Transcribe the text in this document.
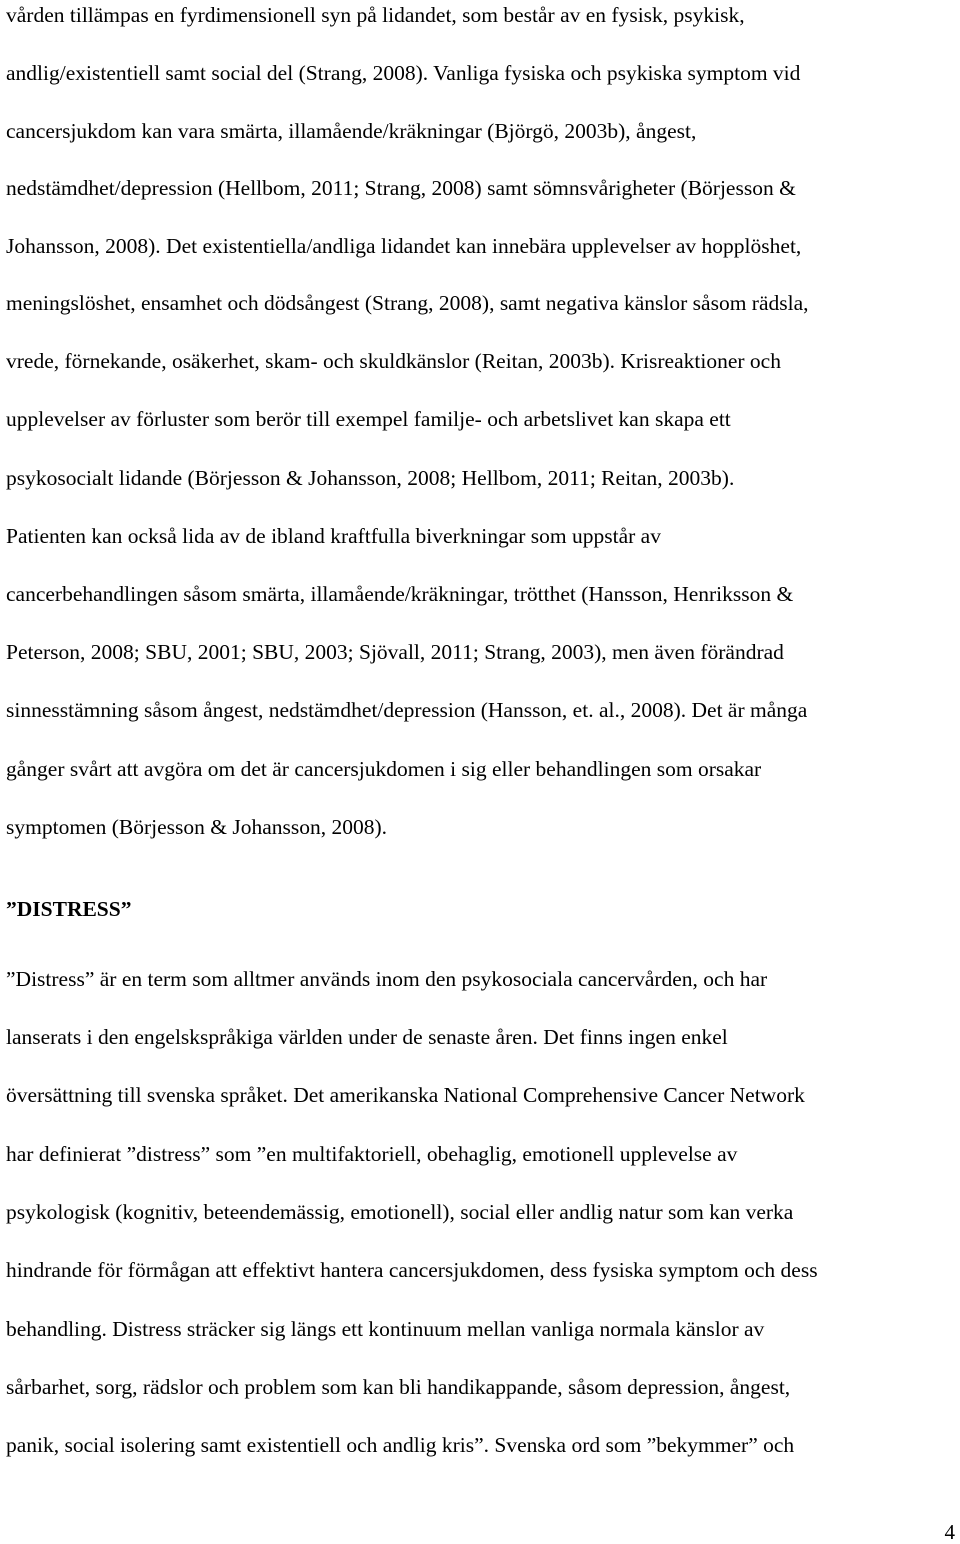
vården tillämpas en fyrdimensionell syn på lidandet, som består av en fysisk, psykisk,
andlig/existentiell samt social del (Strang, 2008). Vanliga fysiska och psykiska symptom vid
cancersjukdom kan vara smärta, illamående/kräkningar (Björgö, 2003b), ångest,
nedstämdhet/depression (Hellbom, 2011; Strang, 2008) samt sömnsvårigheter (Börjesson &
Johansson, 2008). Det existentiella/andliga lidandet kan innebära upplevelser av hopplöshet,
meningslöshet, ensamhet och dödsångest (Strang, 2008), samt negativa känslor såsom rädsla,
vrede, förnekande, osäkerhet, skam- och skuldkänslor (Reitan, 2003b). Krisreaktioner och
upplevelser av förluster som berör till exempel familje- och arbetslivet kan skapa ett
psykosocialt lidande (Börjesson & Johansson, 2008; Hellbom, 2011; Reitan, 2003b).
Patienten kan också lida av de ibland kraftfulla biverkningar som uppstår av
cancerbehandlingen såsom smärta, illamående/kräkningar, trötthet (Hansson, Henriksson &
Peterson, 2008; SBU, 2001; SBU, 2003; Sjövall, 2011; Strang, 2003), men även förändrad
sinnesstämning såsom ångest, nedstämdhet/depression (Hansson, et. al., 2008). Det är många
gånger svårt att avgöra om det är cancersjukdomen i sig eller behandlingen som orsakar
symptomen (Börjesson & Johansson, 2008).
”DISTRESS”
”Distress” är en term som alltmer används inom den psykosociala cancervården, och har
lanserats i den engelskspråkiga världen under de senaste åren. Det finns ingen enkel
översättning till svenska språket. Det amerikanska National Comprehensive Cancer Network
har definierat ”distress” som ”en multifaktoriell, obehaglig, emotionell upplevelse av
psykologisk (kognitiv, beteendemässig, emotionell), social eller andlig natur som kan verka
hindrande för förmågan att effektivt hantera cancersjukdomen, dess fysiska symptom och dess
behandling. Distress sträcker sig längs ett kontinuum mellan vanliga normala känslor av
sårbarhet, sorg, rädslor och problem som kan bli handikappande, såsom depression, ångest,
panik, social isolering samt existentiell och andlig kris”. Svenska ord som ”bekymmer” och
4
